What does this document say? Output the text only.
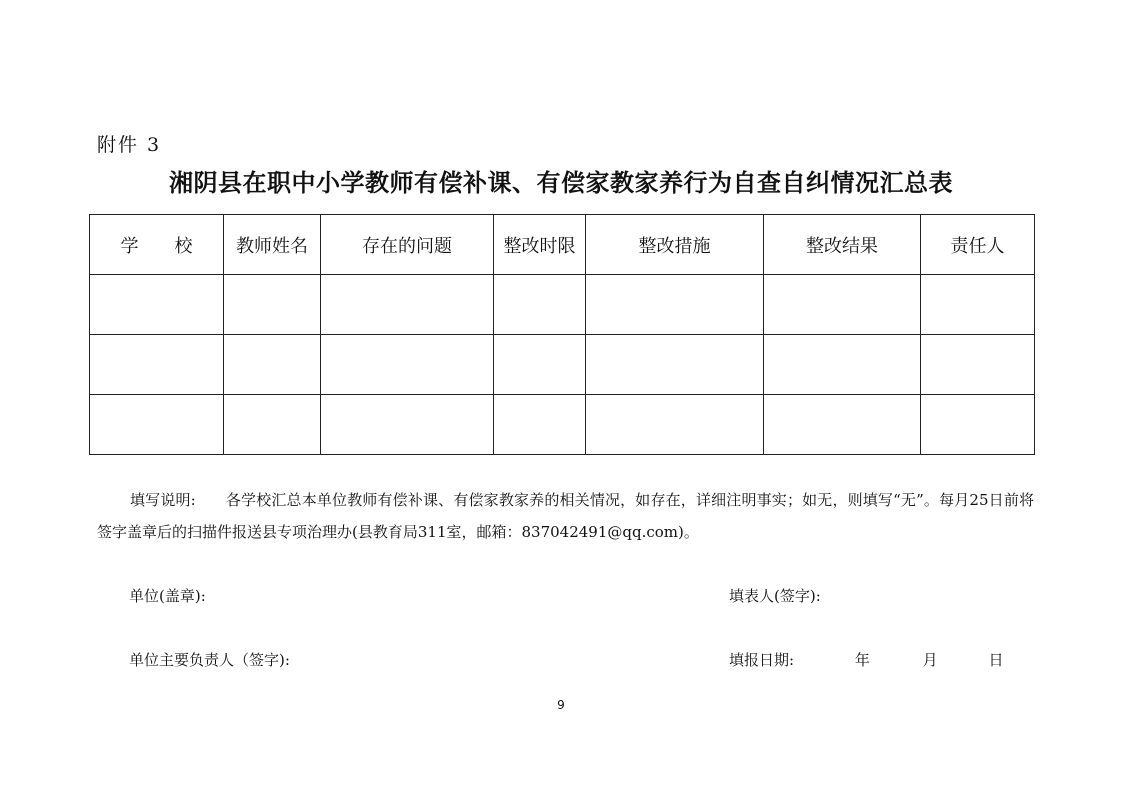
附件 3
湘阴县在职中小学教师有偿补课、有偿家教家养行为自查自纠情况汇总表
学　　校	教师姓名	存在的问题	整改时限	整改措施	整改结果	责任人

填写说明: 各学校汇总本单位教师有偿补课、有偿家教家养的相关情况，如存在，详细注明事实；如无，则填写“无”。每月25日前将签字盖章后的扫描件报送县专项治理办(县教育局311室，邮箱：837042491@qq.com)。
单位(盖章):	填表人(签字):
单位主要负责人（签字):	填报日期:	年	月	日
9
